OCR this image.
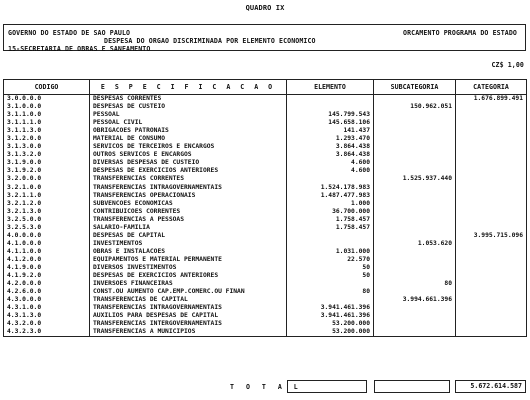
QUADRO IX
GOVERNO DO ESTADO DE SAO PAULO	ORCAMENTO PROGRAMA DO ESTADO
DESPESA DO ORGAO DISCRIMINADA POR ELEMENTO ECONOMICO
15-SECRETARIA DE OBRAS E SANEAMENTO
CZ$ 1,00
CODIGO	E S P E C I F I C A C A O	ELEMENTO	SUBCATEGORIA	CATEGORIA
3.0.0.0.0	DESPESAS CORRENTES			1.676.899.491
3.1.0.0.0	DESPESAS DE CUSTEIO		150.962.051	
3.1.1.0.0	PESSOAL	145.799.543		
3.1.1.1.0	PESSOAL CIVIL	145.658.106		
3.1.1.3.0	OBRIGACOES PATRONAIS	141.437		
3.1.2.0.0	MATERIAL DE CONSUMO	1.293.470		
3.1.3.0.0	SERVICOS DE TERCEIROS E ENCARGOS	3.864.438		
3.1.3.2.0	OUTROS SERVICOS E ENCARGOS	3.864.438		
3.1.9.0.0	DIVERSAS DESPESAS DE CUSTEIO	4.600		
3.1.9.2.0	DESPESAS DE EXERCICIOS ANTERIORES	4.600		
3.2.0.0.0	TRANSFERENCIAS CORRENTES		1.525.937.440	
3.2.1.0.0	TRANSFERENCIAS INTRAGOVERNAMENTAIS	1.524.178.983		
3.2.1.1.0	TRANSFERENCIAS OPERACIONAIS	1.487.477.983		
3.2.1.2.0	SUBVENCOES ECONOMICAS	1.000		
3.2.1.3.0	CONTRIBUICOES CORRENTES	36.700.000		
3.2.5.0.0	TRANSFERENCIAS A PESSOAS	1.758.457		
3.2.5.3.0	SALARIO-FAMILIA	1.758.457		
4.0.0.0.0	DESPESAS DE CAPITAL			3.995.715.096
4.1.0.0.0	INVESTIMENTOS		1.053.620	
4.1.1.0.0	OBRAS E INSTALACOES	1.031.000		
4.1.2.0.0	EQUIPAMENTOS E MATERIAL PERMANENTE	22.570		
4.1.9.0.0	DIVERSOS INVESTIMENTOS	50		
4.1.9.2.0	DESPESAS DE EXERCICIOS ANTERIORES	50		
4.2.0.0.0	INVERSOES FINANCEIRAS		80	
4.2.6.0.0	CONST.OU AUMENTO CAP.EMP.COMERC.OU FINAN	80		
4.3.0.0.0	TRANSFERENCIAS DE CAPITAL		3.994.661.396	
4.3.1.0.0	TRANSFERENCIAS INTRAGOVERNAMENTAIS	3.941.461.396		
4.3.1.3.0	AUXILIOS PARA DESPESAS DE CAPITAL	3.941.461.396		
4.3.2.0.0	TRANSFERENCIAS INTERGOVERNAMENTAIS	53.200.000		
4.3.2.3.0	TRANSFERENCIAS A MUNICIPIOS	53.200.000		
T O T A L	5.672.614.587
